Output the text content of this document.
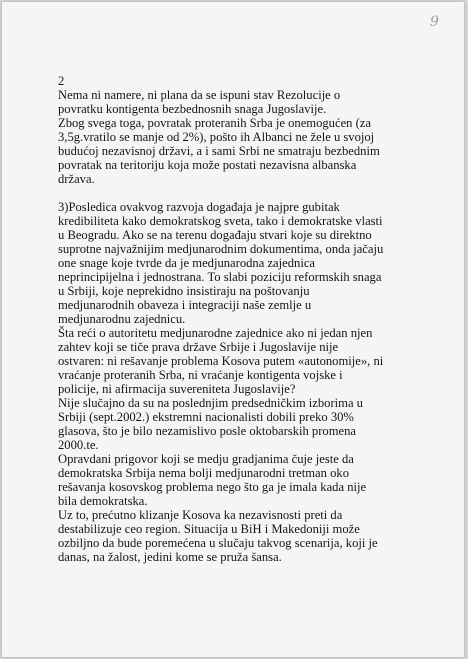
9
2
Nema ni namere, ni plana da se ispuni stav Rezolucije o
povratku kontigenta bezbednosnih snaga Jugoslavije.
Zbog svega toga, povratak proteranih Srba je onemogućen (za
3,5g.vratilo se manje od 2%), pošto ih Albanci ne žele u svojoj
budućoj nezavisnoj državi, a i sami Srbi ne smatraju bezbednim
povratak na teritoriju koja može postati nezavisna albanska
država.
3)Posledica ovakvog razvoja događaja je najpre gubitak
kredibiliteta kako demokratskog sveta, tako i demokratske vlasti
u Beogradu. Ako se na terenu događaju stvari koje su direktno
suprotne najvažnijim medjunarodnim dokumentima, onda jačaju
one snage koje tvrde da je medjunarodna zajednica
neprincipijelna i jednostrana. To slabi poziciju reformskih snaga
u Srbiji, koje neprekidno insistiraju na poštovanju
medjunarodnih obaveza i integraciji naše zemlje u
medjunarodnu zajednicu.
Šta reći o autoritetu medjunarodne zajednice ako ni jedan njen
zahtev koji se tiče prava države Srbije i Jugoslavije nije
ostvaren: ni rešavanje problema Kosova putem «autonomije», ni
vraćanje proteranih Srba, ni vraćanje kontigenta vojske i
policije, ni afirmacija suvereniteta Jugoslavije?
Nije slučajno da su na poslednjim predsedničkim izborima u
Srbiji (sept.2002.) ekstremni nacionalisti dobili preko 30%
glasova, što je bilo nezamislivo posle oktobarskih promena
2000.te.
Opravdani prigovor koji se medju gradjanima čuje jeste da
demokratska Srbija nema bolji medjunarodni tretman oko
rešavanja kosovskog problema nego što ga je imala kada nije
bila demokratska.
Uz to, prećutno klizanje Kosova ka nezavisnosti preti da
destabilizuje ceo region. Situacija u BiH i Makedoniji može
ozbiljno da bude poremećena u slučaju takvog scenarija, koji je
danas, na žalost, jedini kome se pruža šansa.
